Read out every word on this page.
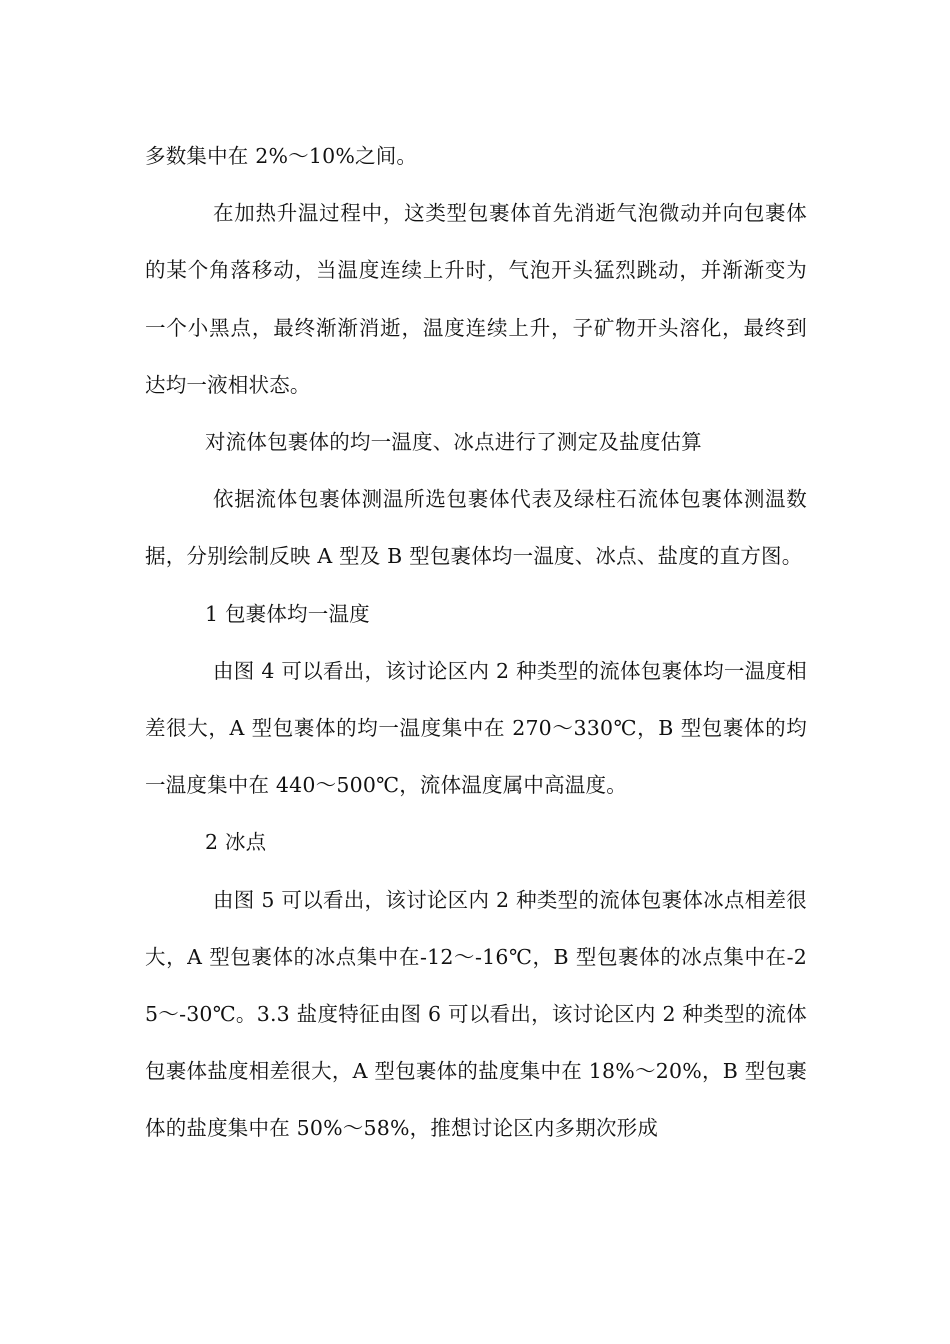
多数集中在 2%～10%之间。

在加热升温过程中，这类型包裹体首先消逝气泡微动并向包裹体的某个角落移动，当温度连续上升时，气泡开头猛烈跳动，并渐渐变为一个小黑点，最终渐渐消逝，温度连续上升，子矿物开头溶化，最终到达均一液相状态。

对流体包裹体的均一温度、冰点进行了测定及盐度估算

依据流体包裹体测温所选包裹体代表及绿柱石流体包裹体测温数据，分别绘制反映 A 型及 B 型包裹体均一温度、冰点、盐度的直方图。

1 包裹体均一温度

由图 4 可以看出，该讨论区内 2 种类型的流体包裹体均一温度相差很大，A 型包裹体的均一温度集中在 270～330℃，B 型包裹体的均一温度集中在 440～500℃，流体温度属中高温度。

2 冰点

由图 5 可以看出，该讨论区内 2 种类型的流体包裹体冰点相差很大，A 型包裹体的冰点集中在-12～-16℃，B 型包裹体的冰点集中在-25～-30℃。3.3 盐度特征由图 6 可以看出，该讨论区内 2 种类型的流体包裹体盐度相差很大，A 型包裹体的盐度集中在 18%～20%，B 型包裹体的盐度集中在 50%～58%，推想讨论区内多期次形成
